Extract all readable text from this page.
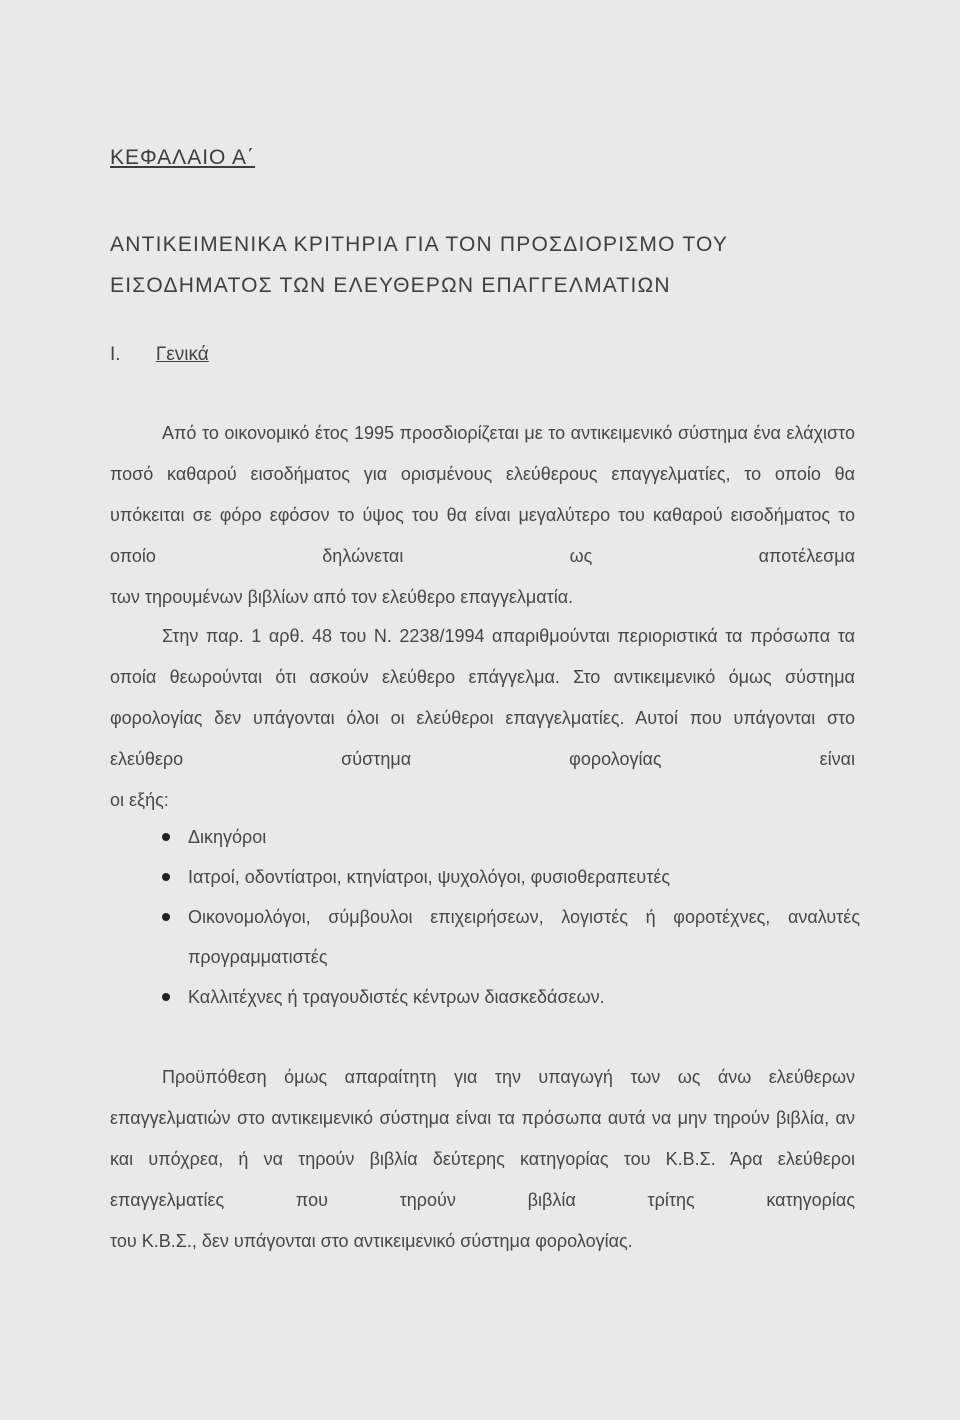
ΚΕΦΑΛΑΙΟ Α΄
ΑΝΤΙΚΕΙΜΕΝΙΚΑ ΚΡΙΤΗΡΙΑ ΓΙΑ ΤΟΝ ΠΡΟΣΔΙΟΡΙΣΜΟ ΤΟΥ
ΕΙΣΟΔΗΜΑΤΟΣ ΤΩΝ ΕΛΕΥΘΕΡΩΝ ΕΠΑΓΓΕΛΜΑΤΙΩΝ
Ι. Γενικά
Από το οικονομικό έτος 1995 προσδιορίζεται με το αντικειμενικό σύστημα ένα ελάχιστο ποσό καθαρού εισοδήματος για ορισμένους ελεύθερους επαγγελματίες, το οποίο θα υπόκειται σε φόρο εφόσον το ύψος του θα είναι μεγαλύτερο του καθαρού εισοδήματος το οποίο δηλώνεται ως αποτέλεσμα
των τηρουμένων βιβλίων από τον ελεύθερο επαγγελματία.
Στην παρ. 1 αρθ. 48 του Ν. 2238/1994 απαριθμούνται περιοριστικά τα πρόσωπα τα οποία θεωρούνται ότι ασκούν ελεύθερο επάγγελμα. Στο αντικειμενικό όμως σύστημα φορολογίας δεν υπάγονται όλοι οι ελεύθεροι επαγγελματίες. Αυτοί που υπάγονται στο ελεύθερο σύστημα φορολογίας είναι
οι εξής:
Δικηγόροι
Ιατροί, οδοντίατροι, κτηνίατροι, ψυχολόγοι, φυσιοθεραπευτές
Οικονομολόγοι, σύμβουλοι επιχειρήσεων, λογιστές ή φοροτέχνες, αναλυτές προγραμματιστές
Καλλιτέχνες ή τραγουδιστές κέντρων διασκεδάσεων.
Προϋπόθεση όμως απαραίτητη για την υπαγωγή των ως άνω ελεύθερων επαγγελματιών στο αντικειμενικό σύστημα είναι τα πρόσωπα αυτά να μην τηρούν βιβλία, αν και υπόχρεα, ή να τηρούν βιβλία δεύτερης κατηγορίας του Κ.Β.Σ. Άρα ελεύθεροι επαγγελματίες που τηρούν βιβλία τρίτης κατηγορίας
του Κ.Β.Σ., δεν υπάγονται στο αντικειμενικό σύστημα φορολογίας.
